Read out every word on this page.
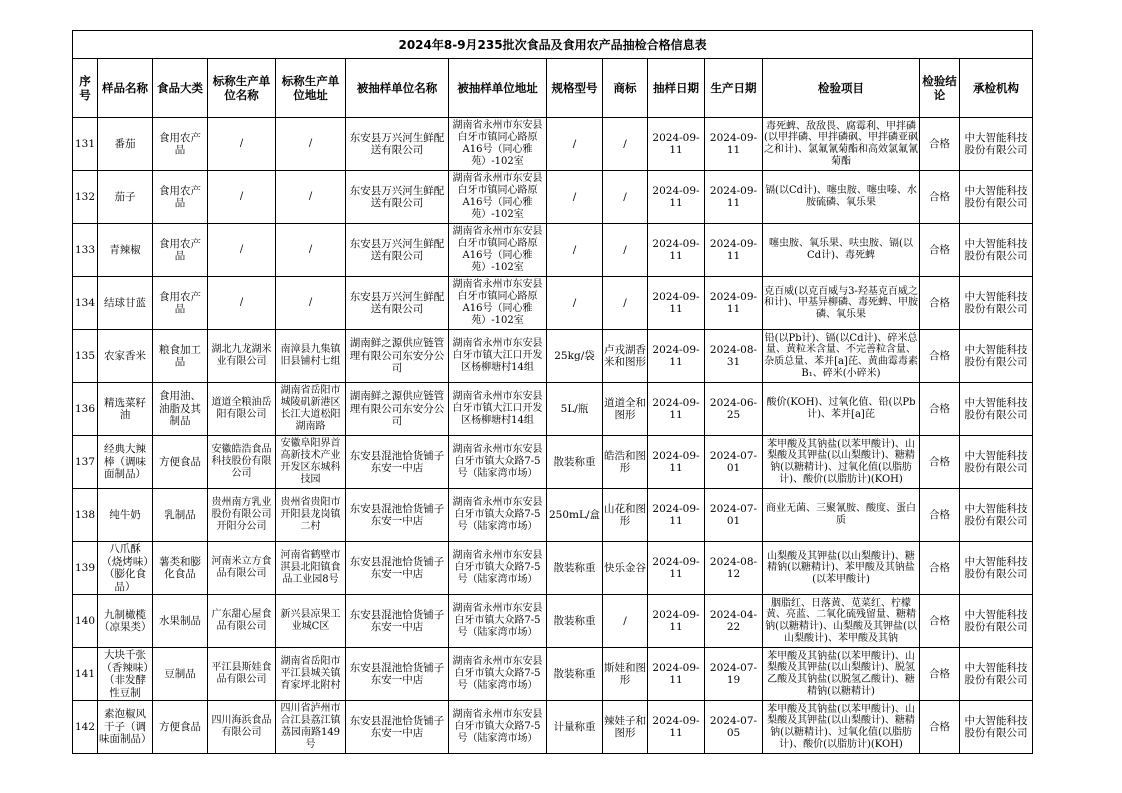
2024年8-9月235批次食品及食用农产品抽检合格信息表													
序号	样品名称	食品大类	标称生产单位名称	标称生产单位地址	被抽样单位名称	被抽样单位地址	规格型号	商标	抽样日期	生产日期	检验项目	检验结论	承检机构
131	番茄	食用农产品	/	/	东安县万兴河生鲜配送有限公司	湖南省永州市东安县白牙市镇同心路原A16号（同心雅苑）-102室	/	/	2024-09-11	2024-09-11	毒死蜱、敌敌畏、腐霉利、甲拌磷(以甲拌磷、甲拌磷砜、甲拌磷亚砜之和计)、氯氟氰菊酯和高效氯氟氰菊酯	合格	中大智能科技股份有限公司
132	茄子	食用农产品	/	/	东安县万兴河生鲜配送有限公司	湖南省永州市东安县白牙市镇同心路原A16号（同心雅苑）-102室	/	/	2024-09-11	2024-09-11	镉(以Cd计)、噻虫胺、噻虫嗪、水胺硫磷、氧乐果	合格	中大智能科技股份有限公司
133	青辣椒	食用农产品	/	/	东安县万兴河生鲜配送有限公司	湖南省永州市东安县白牙市镇同心路原A16号（同心雅苑）-102室	/	/	2024-09-11	2024-09-11	噻虫胺、氧乐果、呋虫胺、镉(以Cd计)、毒死蜱	合格	中大智能科技股份有限公司
134	结球甘蓝	食用农产品	/	/	东安县万兴河生鲜配送有限公司	湖南省永州市东安县白牙市镇同心路原A16号（同心雅苑）-102室	/	/	2024-09-11	2024-09-11	克百威(以克百威与3-羟基克百威之和计)、甲基异柳磷、毒死蜱、甲胺磷、氧乐果	合格	中大智能科技股份有限公司
135	农家香米	粮食加工品	湖北九龙湖米业有限公司	南漳县九集镇旧县铺村七组	湖南鲜之源供应链管理有限公司东安分公司	湖南省永州市东安县白牙市镇大江口开发区杨柳塘村14组	25kg/袋	卢戎湖香米和图形	2024-09-11	2024-08-31	铅(以Pb计)、镉(以Cd计)、碎米总量、黄粒米含量、不完善粒含量、杂质总量、苯并[a]芘、黄曲霉毒素B₁、碎米(小碎米)	合格	中大智能科技股份有限公司
136	精选菜籽油	食用油、油脂及其制品	道道全粮油岳阳有限公司	湖南省岳阳市城陵矶新港区长江大道松阳湖南路	湖南鲜之源供应链管理有限公司东安分公司	湖南省永州市东安县白牙市镇大江口开发区杨柳塘村14组	5L/瓶	道道全和图形	2024-09-11	2024-06-25	酸价(KOH)、过氧化值、铅(以Pb计)、苯并[a]芘	合格	中大智能科技股份有限公司
137	经典大辣棒（调味面制品）	方便食品	安徽皓浩食品科技股份有限公司	安徽阜阳界首高新技术产业开发区东城科技园	东安县混池恰货铺子东安一中店	湖南省永州市东安县白牙市镇大众路7-5号（陆家湾市场）	散装称重	皓浩和图形	2024-09-11	2024-07-01	苯甲酸及其钠盐(以苯甲酸计)、山梨酸及其钾盐(以山梨酸计)、糖精钠(以糖精计)、过氧化值(以脂肪计)、酸价(以脂肪计)(KOH)	合格	中大智能科技股份有限公司
138	纯牛奶	乳制品	贵州南方乳业股份有限公司开阳分公司	贵州省贵阳市开阳县龙岗镇二村	东安县混池恰货铺子东安一中店	湖南省永州市东安县白牙市镇大众路7-5号（陆家湾市场）	250mL/盒	山花和图形	2024-09-11	2024-07-01	商业无菌、三聚氰胺、酸度、蛋白质	合格	中大智能科技股份有限公司
139	八爪酥（烧烤味）（膨化食品）	薯类和膨化食品	河南米立方食品有限公司	河南省鹤壁市淇县北阳镇食品工业园8号	东安县混池恰货铺子东安一中店	湖南省永州市东安县白牙市镇大众路7-5号（陆家湾市场）	散装称重	快乐金谷	2024-09-11	2024-08-12	山梨酸及其钾盐(以山梨酸计)、糖精钠(以糖精计)、苯甲酸及其钠盐(以苯甲酸计)	合格	中大智能科技股份有限公司
140	九制橄榄（凉果类）	水果制品	广东甜心屋食品有限公司	新兴县凉果工业城C区	东安县混池恰货铺子东安一中店	湖南省永州市东安县白牙市镇大众路7-5号（陆家湾市场）	散装称重	/	2024-09-11	2024-04-22	胭脂红、日落黄、苋菜红、柠檬黄、亮蓝、二氧化硫残留量、糖精钠(以糖精计)、山梨酸及其钾盐(以山梨酸计)、苯甲酸及其钠	合格	中大智能科技股份有限公司
141	大块千张（香辣味）（非发酵性豆制	豆制品	平江县斯娃食品有限公司	湖南省岳阳市平江县城关镇育家坪北附村	东安县混池恰货铺子东安一中店	湖南省永州市东安县白牙市镇大众路7-5号（陆家湾市场）	散装称重	斯娃和图形	2024-09-11	2024-07-19	苯甲酸及其钠盐(以苯甲酸计)、山梨酸及其钾盐(以山梨酸计)、脱氢乙酸及其钠盐(以脱氢乙酸计)、糖精钠(以糖精计)	合格	中大智能科技股份有限公司
142	素泡椒风干子（调味面制品）	方便食品	四川海浜食品有限公司	四川省泸州市合江县荔江镇荔园南路149号	东安县混池恰货铺子东安一中店	湖南省永州市东安县白牙市镇大众路7-5号（陆家湾市场）	计量称重	辣娃子和图形	2024-09-11	2024-07-05	苯甲酸及其钠盐(以苯甲酸计)、山梨酸及其钾盐(以山梨酸计)、糖精钠(以糖精计)、过氧化值(以脂肪计)、酸价(以脂肪计)(KOH)	合格	中大智能科技股份有限公司
